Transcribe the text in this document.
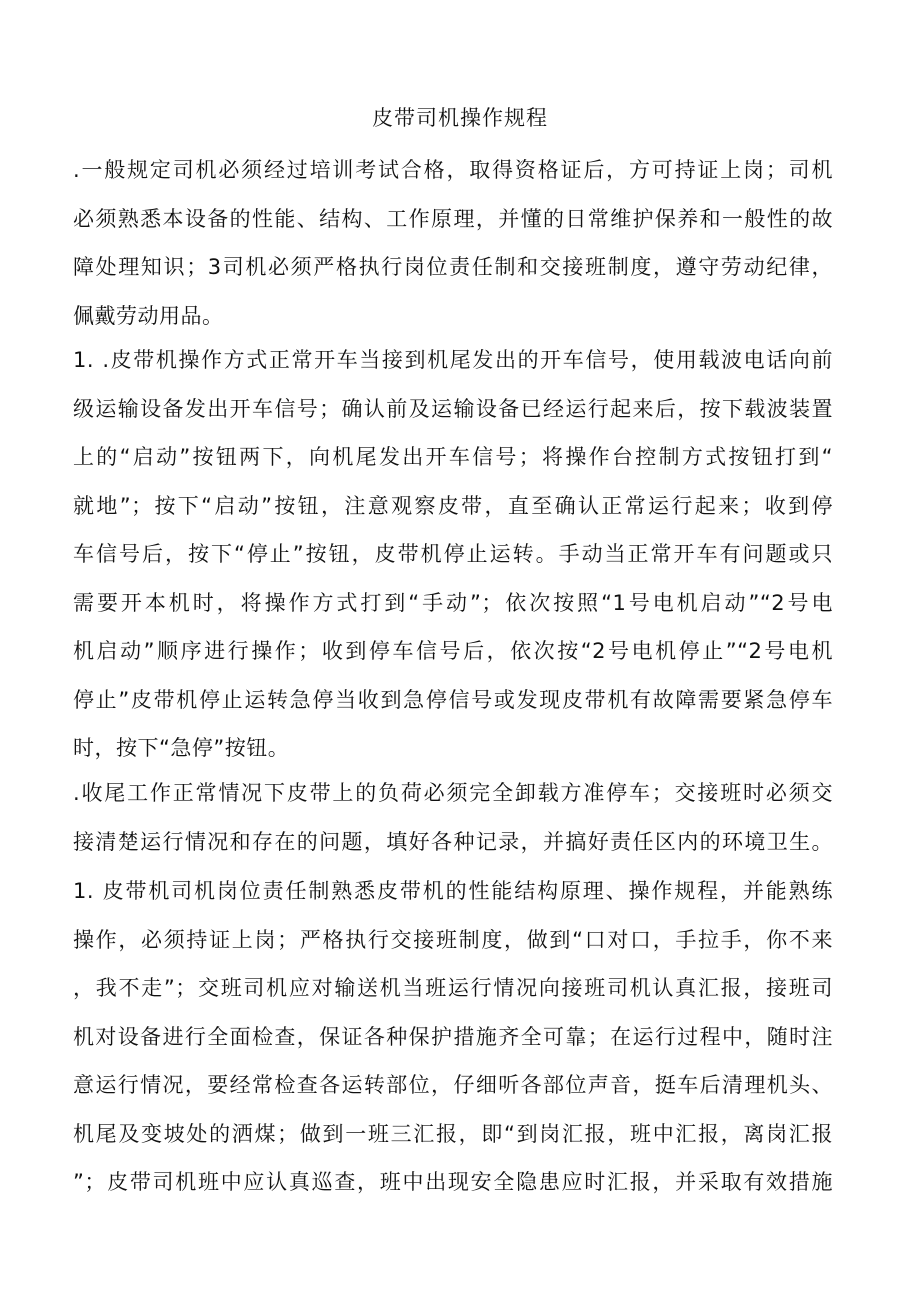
皮带司机操作规程
.一般规定司机必须经过培训考试合格，取得资格证后，方可持证上岗；司机
必须熟悉本设备的性能、结构、工作原理，并懂的日常维护保养和一般性的故
障处理知识；3司机必须严格执行岗位责任制和交接班制度，遵守劳动纪律，
佩戴劳动用品。
1. .皮带机操作方式正常开车当接到机尾发出的开车信号，使用载波电话向前
级运输设备发出开车信号；确认前及运输设备已经运行起来后，按下载波装置
上的“启动”按钮两下，向机尾发出开车信号；将操作台控制方式按钮打到“
就地”；按下“启动”按钮，注意观察皮带，直至确认正常运行起来；收到停
车信号后，按下“停止”按钮，皮带机停止运转。手动当正常开车有问题或只
需要开本机时，将操作方式打到“手动”；依次按照“1号电机启动”“2号电
机启动”顺序进行操作；收到停车信号后，依次按“2号电机停止”“2号电机
停止”皮带机停止运转急停当收到急停信号或发现皮带机有故障需要紧急停车
时，按下“急停”按钮。
.收尾工作正常情况下皮带上的负荷必须完全卸载方准停车；交接班时必须交
接清楚运行情况和存在的问题，填好各种记录，并搞好责任区内的环境卫生。
1. 皮带机司机岗位责任制熟悉皮带机的性能结构原理、操作规程，并能熟练
操作，必须持证上岗；严格执行交接班制度，做到“口对口，手拉手，你不来
，我不走”；交班司机应对输送机当班运行情况向接班司机认真汇报，接班司
机对设备进行全面检查，保证各种保护措施齐全可靠；在运行过程中，随时注
意运行情况，要经常检查各运转部位，仔细听各部位声音，挺车后清理机头、
机尾及变坡处的洒煤；做到一班三汇报，即“到岗汇报，班中汇报，离岗汇报
”；皮带司机班中应认真巡查，班中出现安全隐患应时汇报，并采取有效措施
